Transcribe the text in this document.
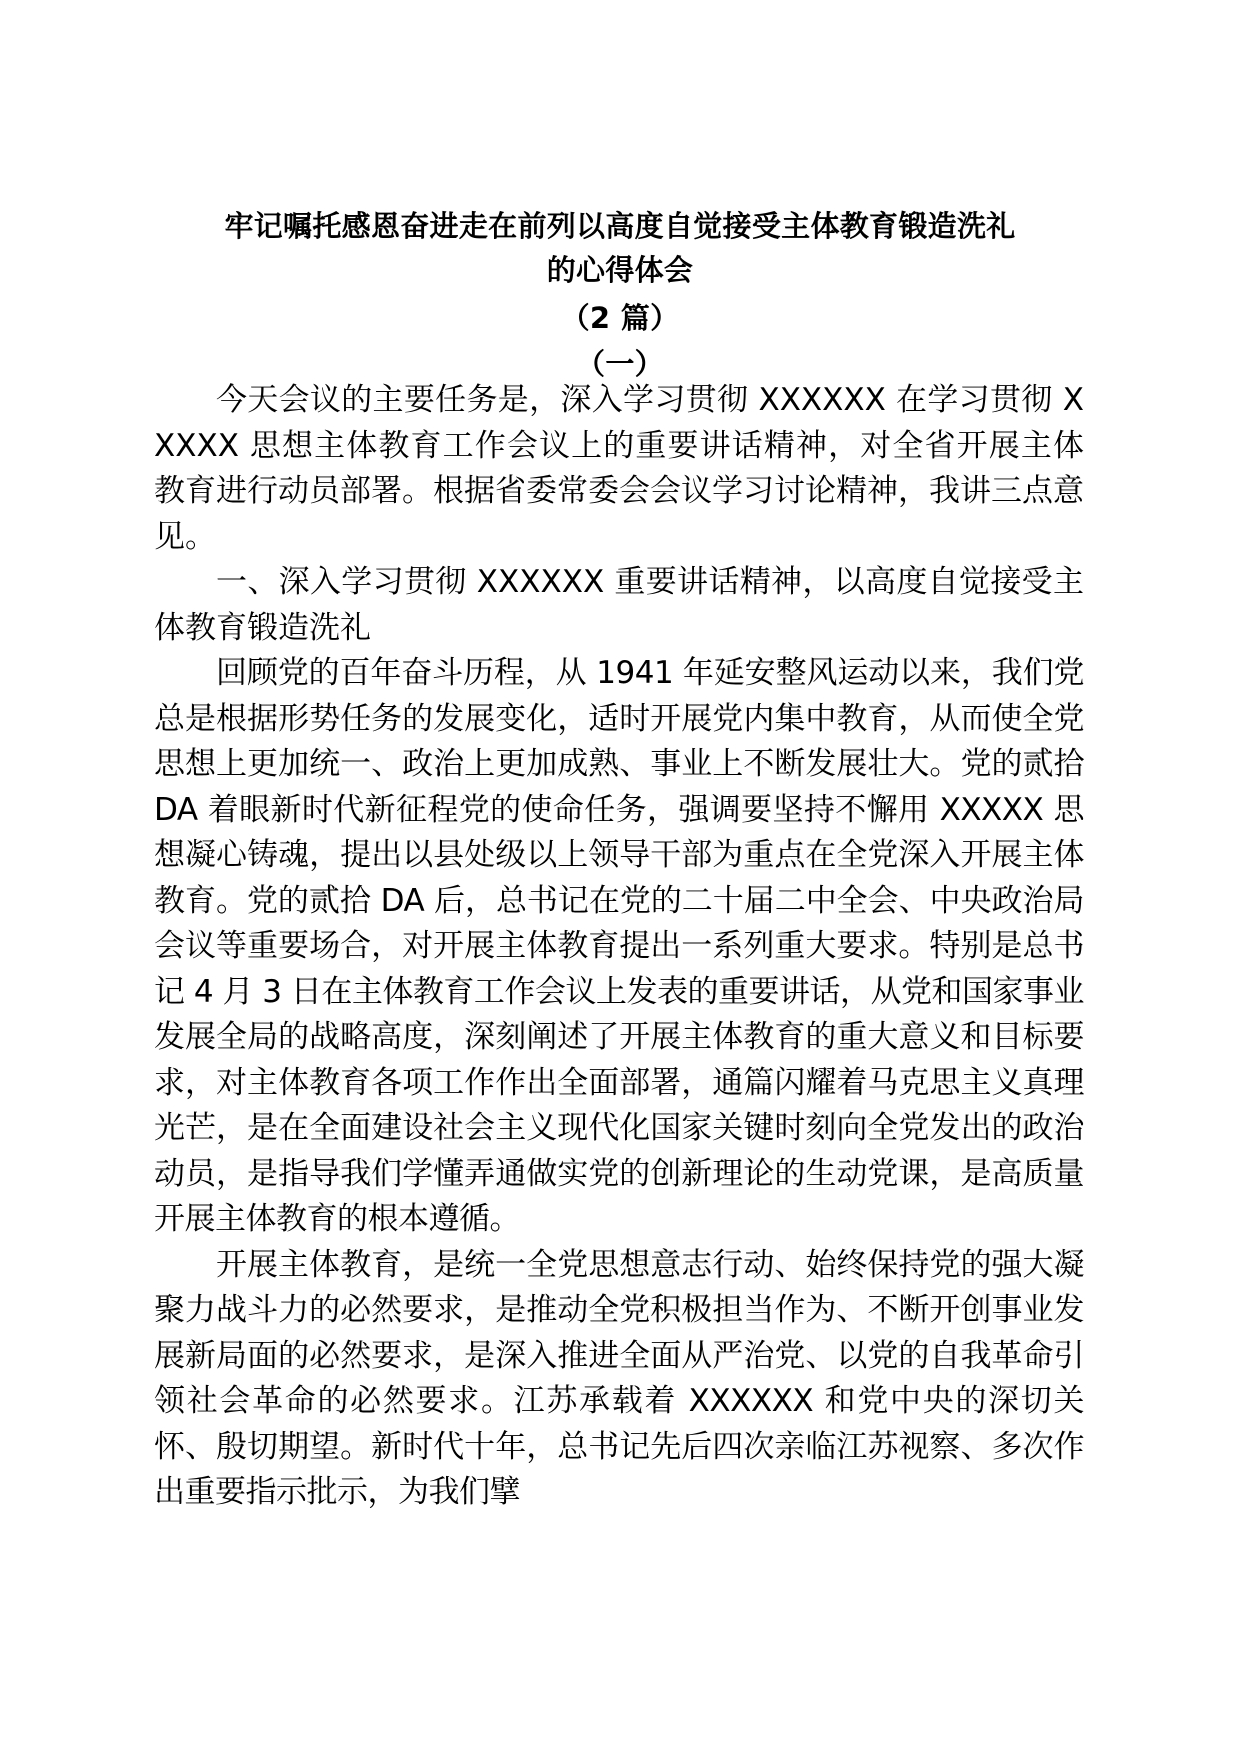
牢记嘱托感恩奋进走在前列以高度自觉接受主体教育锻造洗礼
的心得体会
（2 篇）
（一）

今天会议的主要任务是，深入学习贯彻 XXXXXX 在学习贯彻 XXXXX 思想主体教育工作会议上的重要讲话精神，对全省开展主体教育进行动员部署。根据省委常委会会议学习讨论精神，我讲三点意见。

一、深入学习贯彻 XXXXXX 重要讲话精神，以高度自觉接受主体教育锻造洗礼

回顾党的百年奋斗历程，从 1941 年延安整风运动以来，我们党总是根据形势任务的发展变化，适时开展党内集中教育，从而使全党思想上更加统一、政治上更加成熟、事业上不断发展壮大。党的贰拾 DA 着眼新时代新征程党的使命任务，强调要坚持不懈用 XXXXX 思想凝心铸魂，提出以县处级以上领导干部为重点在全党深入开展主体教育。党的贰拾 DA 后，总书记在党的二十届二中全会、中央政治局会议等重要场合，对开展主体教育提出一系列重大要求。特别是总书记 4 月 3 日在主体教育工作会议上发表的重要讲话，从党和国家事业发展全局的战略高度，深刻阐述了开展主体教育的重大意义和目标要求，对主体教育各项工作作出全面部署，通篇闪耀着马克思主义真理光芒，是在全面建设社会主义现代化国家关键时刻向全党发出的政治动员，是指导我们学懂弄通做实党的创新理论的生动党课，是高质量开展主体教育的根本遵循。

开展主体教育，是统一全党思想意志行动、始终保持党的强大凝聚力战斗力的必然要求，是推动全党积极担当作为、不断开创事业发展新局面的必然要求，是深入推进全面从严治党、以党的自我革命引领社会革命的必然要求。江苏承载着 XXXXXX 和党中央的深切关怀、殷切期望。新时代十年，总书记先后四次亲临江苏视察、多次作出重要指示批示，为我们擘
